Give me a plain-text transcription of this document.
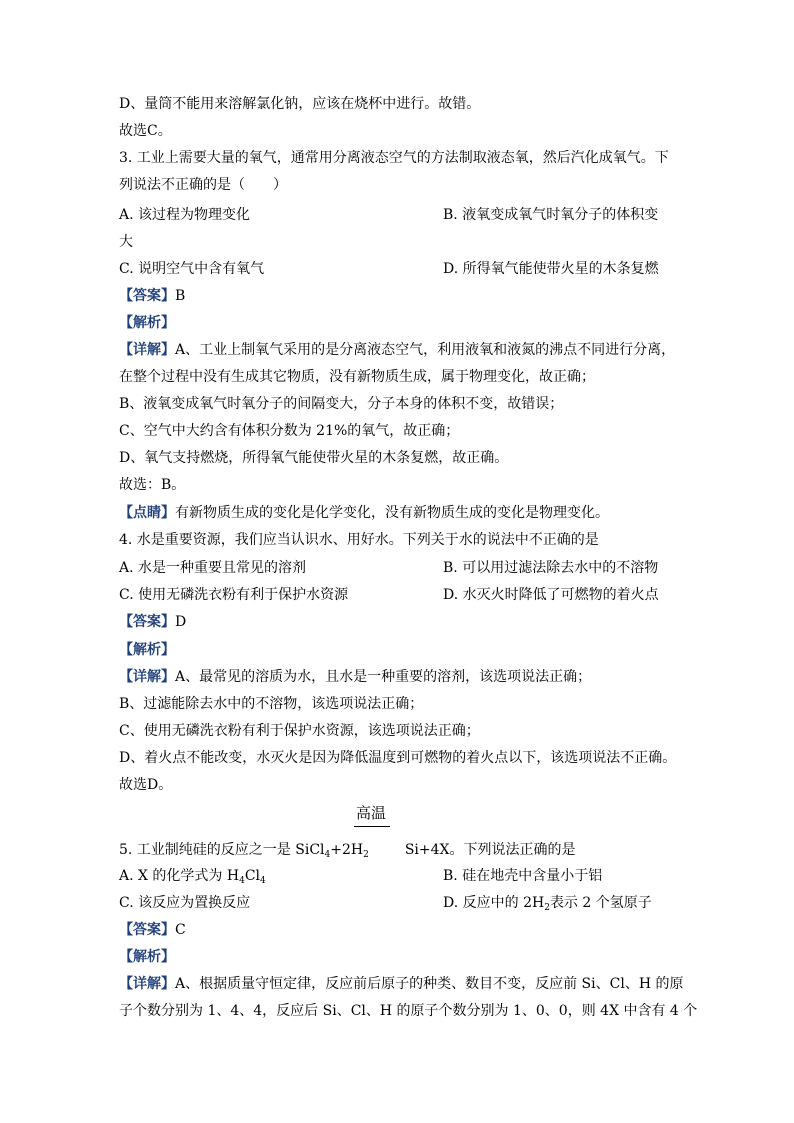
D、量筒不能用来溶解氯化钠，应该在烧杯中进行。故错。
故选C。
3. 工业上需要大量的氧气，通常用分离液态空气的方法制取液态氧，然后汽化成氧气。下
列说法不正确的是（　　）
A. 该过程为物理变化	B. 液氧变成氧气时氧分子的体积变
大
C. 说明空气中含有氧气	D. 所得氧气能使带火星的木条复燃
【答案】B
【解析】
【详解】A、工业上制氧气采用的是分离液态空气，利用液氧和液氮的沸点不同进行分离，
在整个过程中没有生成其它物质，没有新物质生成，属于物理变化，故正确；
B、液氧变成氧气时氧分子的间隔变大，分子本身的体积不变，故错误；
C、空气中大约含有体积分数为 21%的氧气，故正确；
D、氧气支持燃烧，所得氧气能使带火星的木条复燃，故正确。
故选：B。
【点睛】有新物质生成的变化是化学变化，没有新物质生成的变化是物理变化。
4. 水是重要资源，我们应当认识水、用好水。下列关于水的说法中不正确的是
A. 水是一种重要且常见的溶剂	B. 可以用过滤法除去水中的不溶物
C. 使用无磷洗衣粉有利于保护水资源	D. 水灭火时降低了可燃物的着火点
【答案】D
【解析】
【详解】A、最常见的溶质为水，且水是一种重要的溶剂，该选项说法正确；
B、过滤能除去水中的不溶物，该选项说法正确；
C、使用无磷洗衣粉有利于保护水资源，该选项说法正确；
D、着火点不能改变，水灭火是因为降低温度到可燃物的着火点以下，该选项说法不正确。
故选D。
高温
5. 工业制纯硅的反应之一是 $SiCl_4+2H_2$	Si+4X。下列说法正确的是
A. X 的化学式为 $H_4Cl_4$	B. 硅在地壳中含量小于铝
C. 该反应为置换反应	D. 反应中的 $2H_2$表示 2 个氢原子
【答案】C
【解析】
【详解】A、根据质量守恒定律，反应前后原子的种类、数目不变，反应前 Si、Cl、H 的原
子个数分别为 1、4、4，反应后 Si、Cl、H 的原子个数分别为 1、0、0，则 4X 中含有 4 个
